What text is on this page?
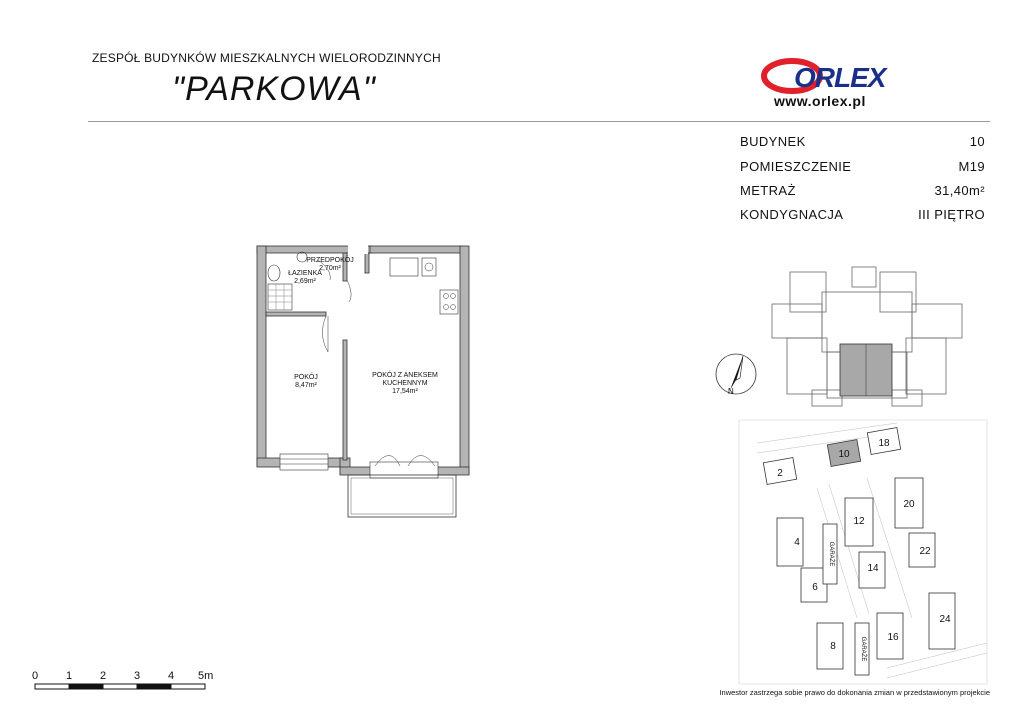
ZESPÓŁ BUDYNKÓW MIESZKALNYCH WIELORODZINNYCH
"PARKOWA"	ORLEX
www.orlex.pl
BUDYNEK	10
POMIESZCZENIE	M19
METRAŻ	31,40m²
KONDYGNACJA	III PIĘTRO
ŁAZIENKA
2,69m²
PRZEDPOKÓJ
2,70m²
POKÓJ
8,47m²
POKÓJ Z ANEKSEM
KUCHENNYM
17,54m²	N
2
4
6
8
10
12
14
16
18
20
22
24
GARAŻE
GARAŻE
0	1	2	3	4 5m
Inwestor zastrzega sobie prawo do dokonania zmian w przedstawionym projekcie
